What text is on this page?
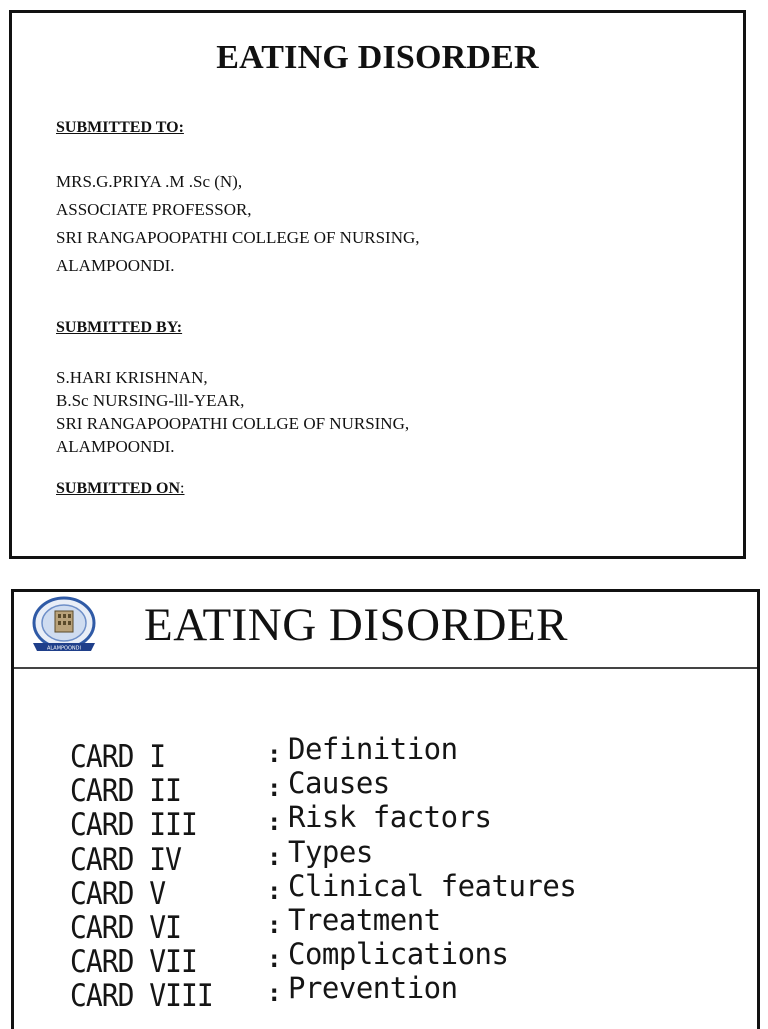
EATING DISORDER
SUBMITTED TO:
MRS.G.PRIYA .M .Sc (N),
ASSOCIATE PROFESSOR,
SRI RANGAPOOPATHI COLLEGE OF NURSING,
ALAMPOONDI.
SUBMITTED BY:
S.HARI KRISHNAN,
B.Sc NURSING-lll-YEAR,
SRI RANGAPOOPATHI COLLGE OF NURSING,
ALAMPOONDI.
SUBMITTED ON:
ALAMPOONDI EATING DISORDER
CARD I	: Definition
CARD II	: Causes
CARD III	: Risk factors
CARD IV	: Types
CARD V	: Clinical features
CARD VI	: Treatment
CARD VII	: Complications
CARD VIII : Prevention
